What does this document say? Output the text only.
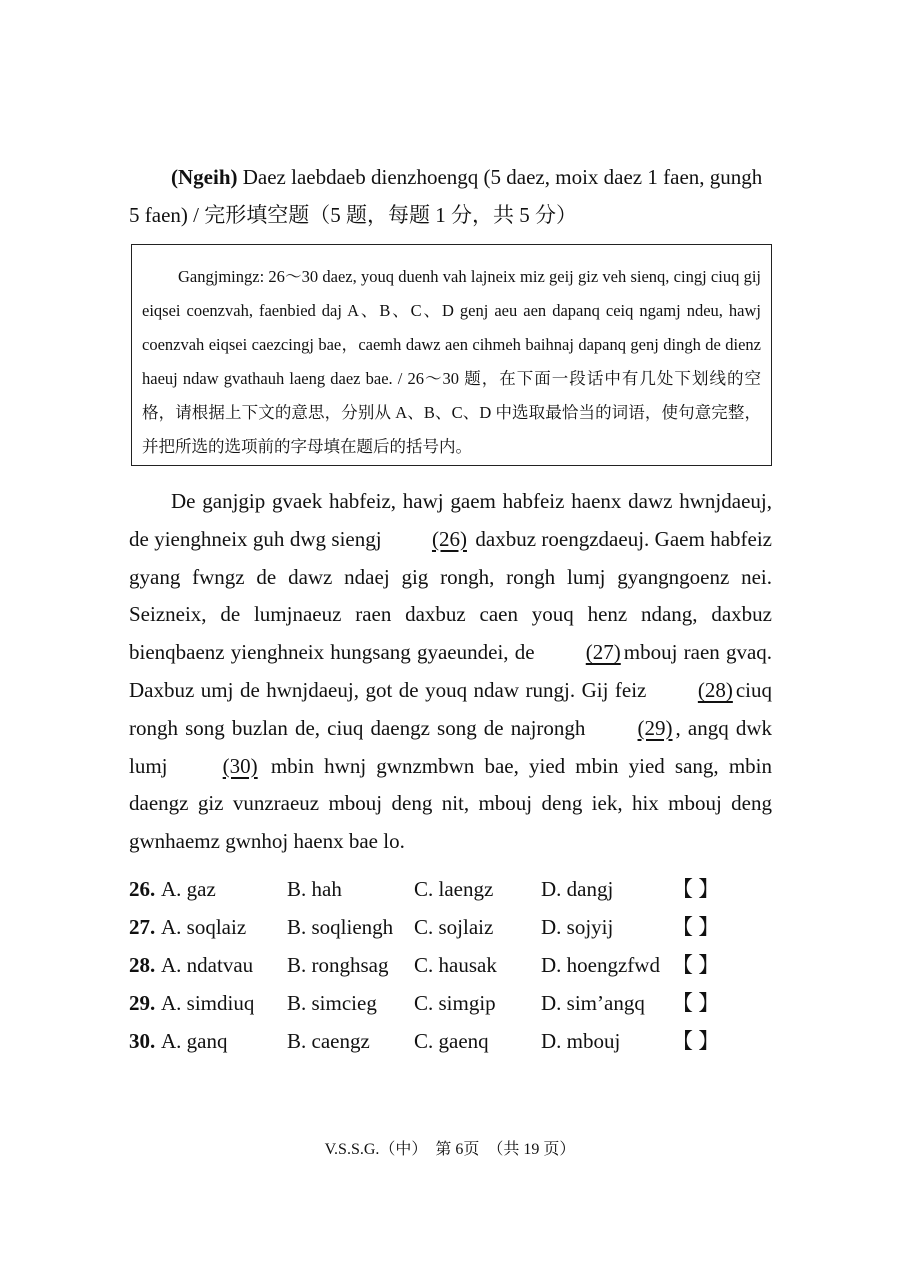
(Ngeih) Daez laebdaeb dienzhoengq (5 daez, moix daez 1 faen, gungh 5 faen) / 完形填空题（5 题，每题 1 分，共 5 分）

Gangjmingz: 26～30 daez, youq duenh vah lajneix miz geij giz veh sienq, cingj ciuq gij eiqsei coenzvah, faenbied daj A、B、C、D genj aeu aen dapanq ceiq ngamj ndeu, hawj coenzvah eiqsei caezcingj bae，caemh dawz aen cihmeh baihnaj dapanq genj dingh de dienz haeuj ndaw gvathauh laeng daez bae. / 26～30 题，在下面一段话中有几处下划线的空格，请根据上下文的意思，分别从 A、B、C、D 中选取最恰当的词语，使句意完整，并把所选的选项前的字母填在题后的括号内。

De ganjgip gvaek habfeiz, hawj gaem habfeiz haenx dawz hwnjdaeuj, de yienghneix guh dwg siengj (26) daxbuz roengzdaeuj. Gaem habfeiz gyang fwngz de dawz ndaej gig rongh, rongh lumj gyangngoenz nei. Seizneix, de lumjnaeuz raen daxbuz caen youq henz ndang, daxbuz bienqbaenz yienghneix hungsang gyaeundei, de (27) mbouj raen gvaq. Daxbuz umj de hwnjdaeuj, got de youq ndaw rungj. Gij feiz (28) ciuq rongh song buzlan de, ciuq daengz song de najrongh (29) , angq dwk lumj	(30) mbin hwnj gwnzmbwn bae, yied mbin yied sang, mbin daengz giz vunzraeuz mbouj deng nit, mbouj deng iek, hix mbouj deng gwnhaemz gwnhoj haenx bae lo.

26. A. gaz	B. hah	C. laengz D. dangj	【 】
27. A. soqlaiz B. soqliengh C. sojlaiz D. sojyij	【 】
28. A. ndatvau B. ronghsag C. hausak D. hoengzfwd 【 】
29. A. simdiuq B. simcieg C. simgip D. sim’angq 【 】
30. A. ganq	B. caengz C. gaenq D. mbouj 【 】
V.S.S.G.（中）　第 6页　（共 19 页）
